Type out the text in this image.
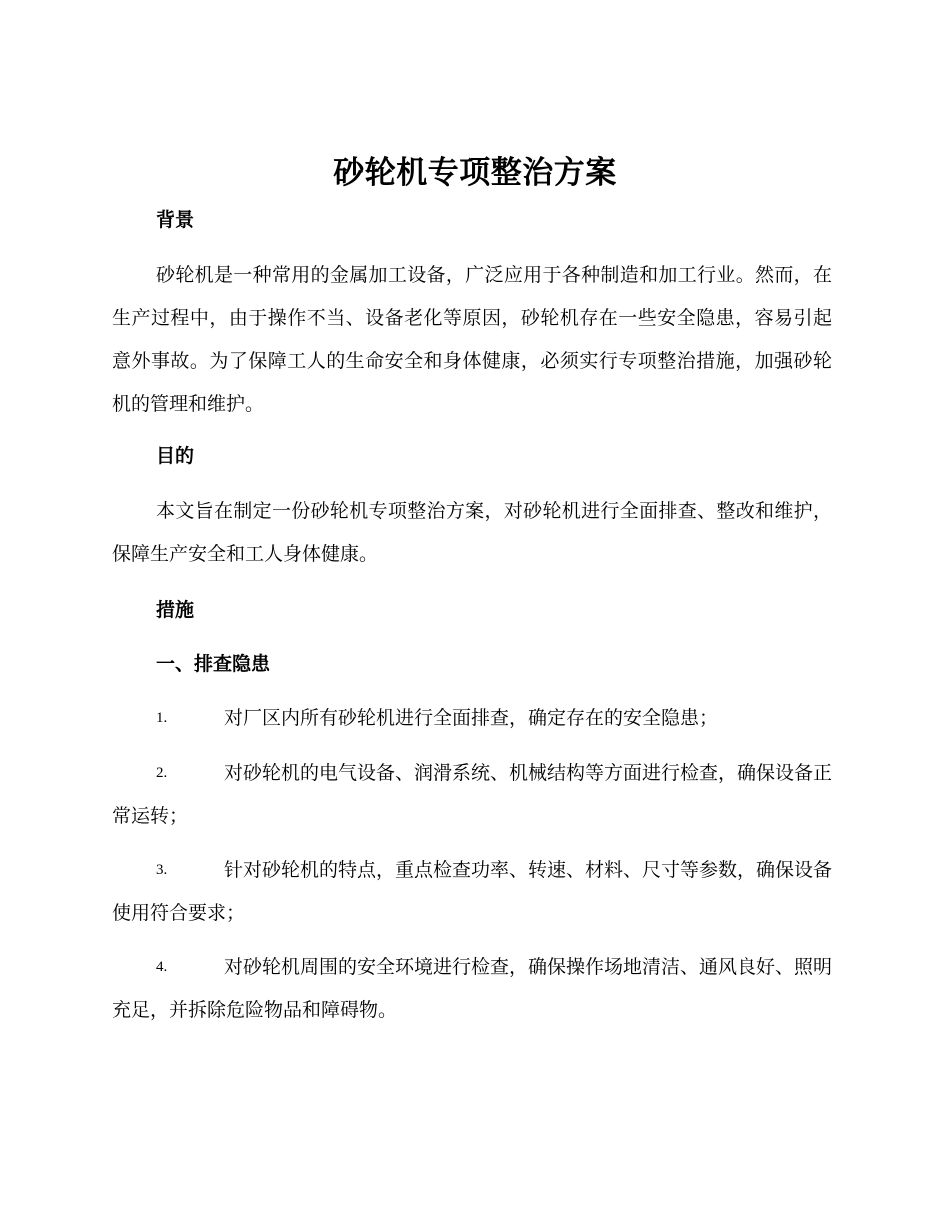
砂轮机专项整治方案
背景

砂轮机是一种常用的金属加工设备，广泛应用于各种制造和加工行业。然而，在生产过程中，由于操作不当、设备老化等原因，砂轮机存在一些安全隐患，容易引起意外事故。为了保障工人的生命安全和身体健康，必须实行专项整治措施，加强砂轮机的管理和维护。

目的

本文旨在制定一份砂轮机专项整治方案，对砂轮机进行全面排查、整改和维护，保障生产安全和工人身体健康。

措施
一、排查隐患
1.	对厂区内所有砂轮机进行全面排查，确定存在的安全隐患；
2.	对砂轮机的电气设备、润滑系统、机械结构等方面进行检查，确保设备正常运转；
3.	针对砂轮机的特点，重点检查功率、转速、材料、尺寸等参数，确保设备使用符合要求；
4.	对砂轮机周围的安全环境进行检查，确保操作场地清洁、通风良好、照明充足，并拆除危险物品和障碍物。
